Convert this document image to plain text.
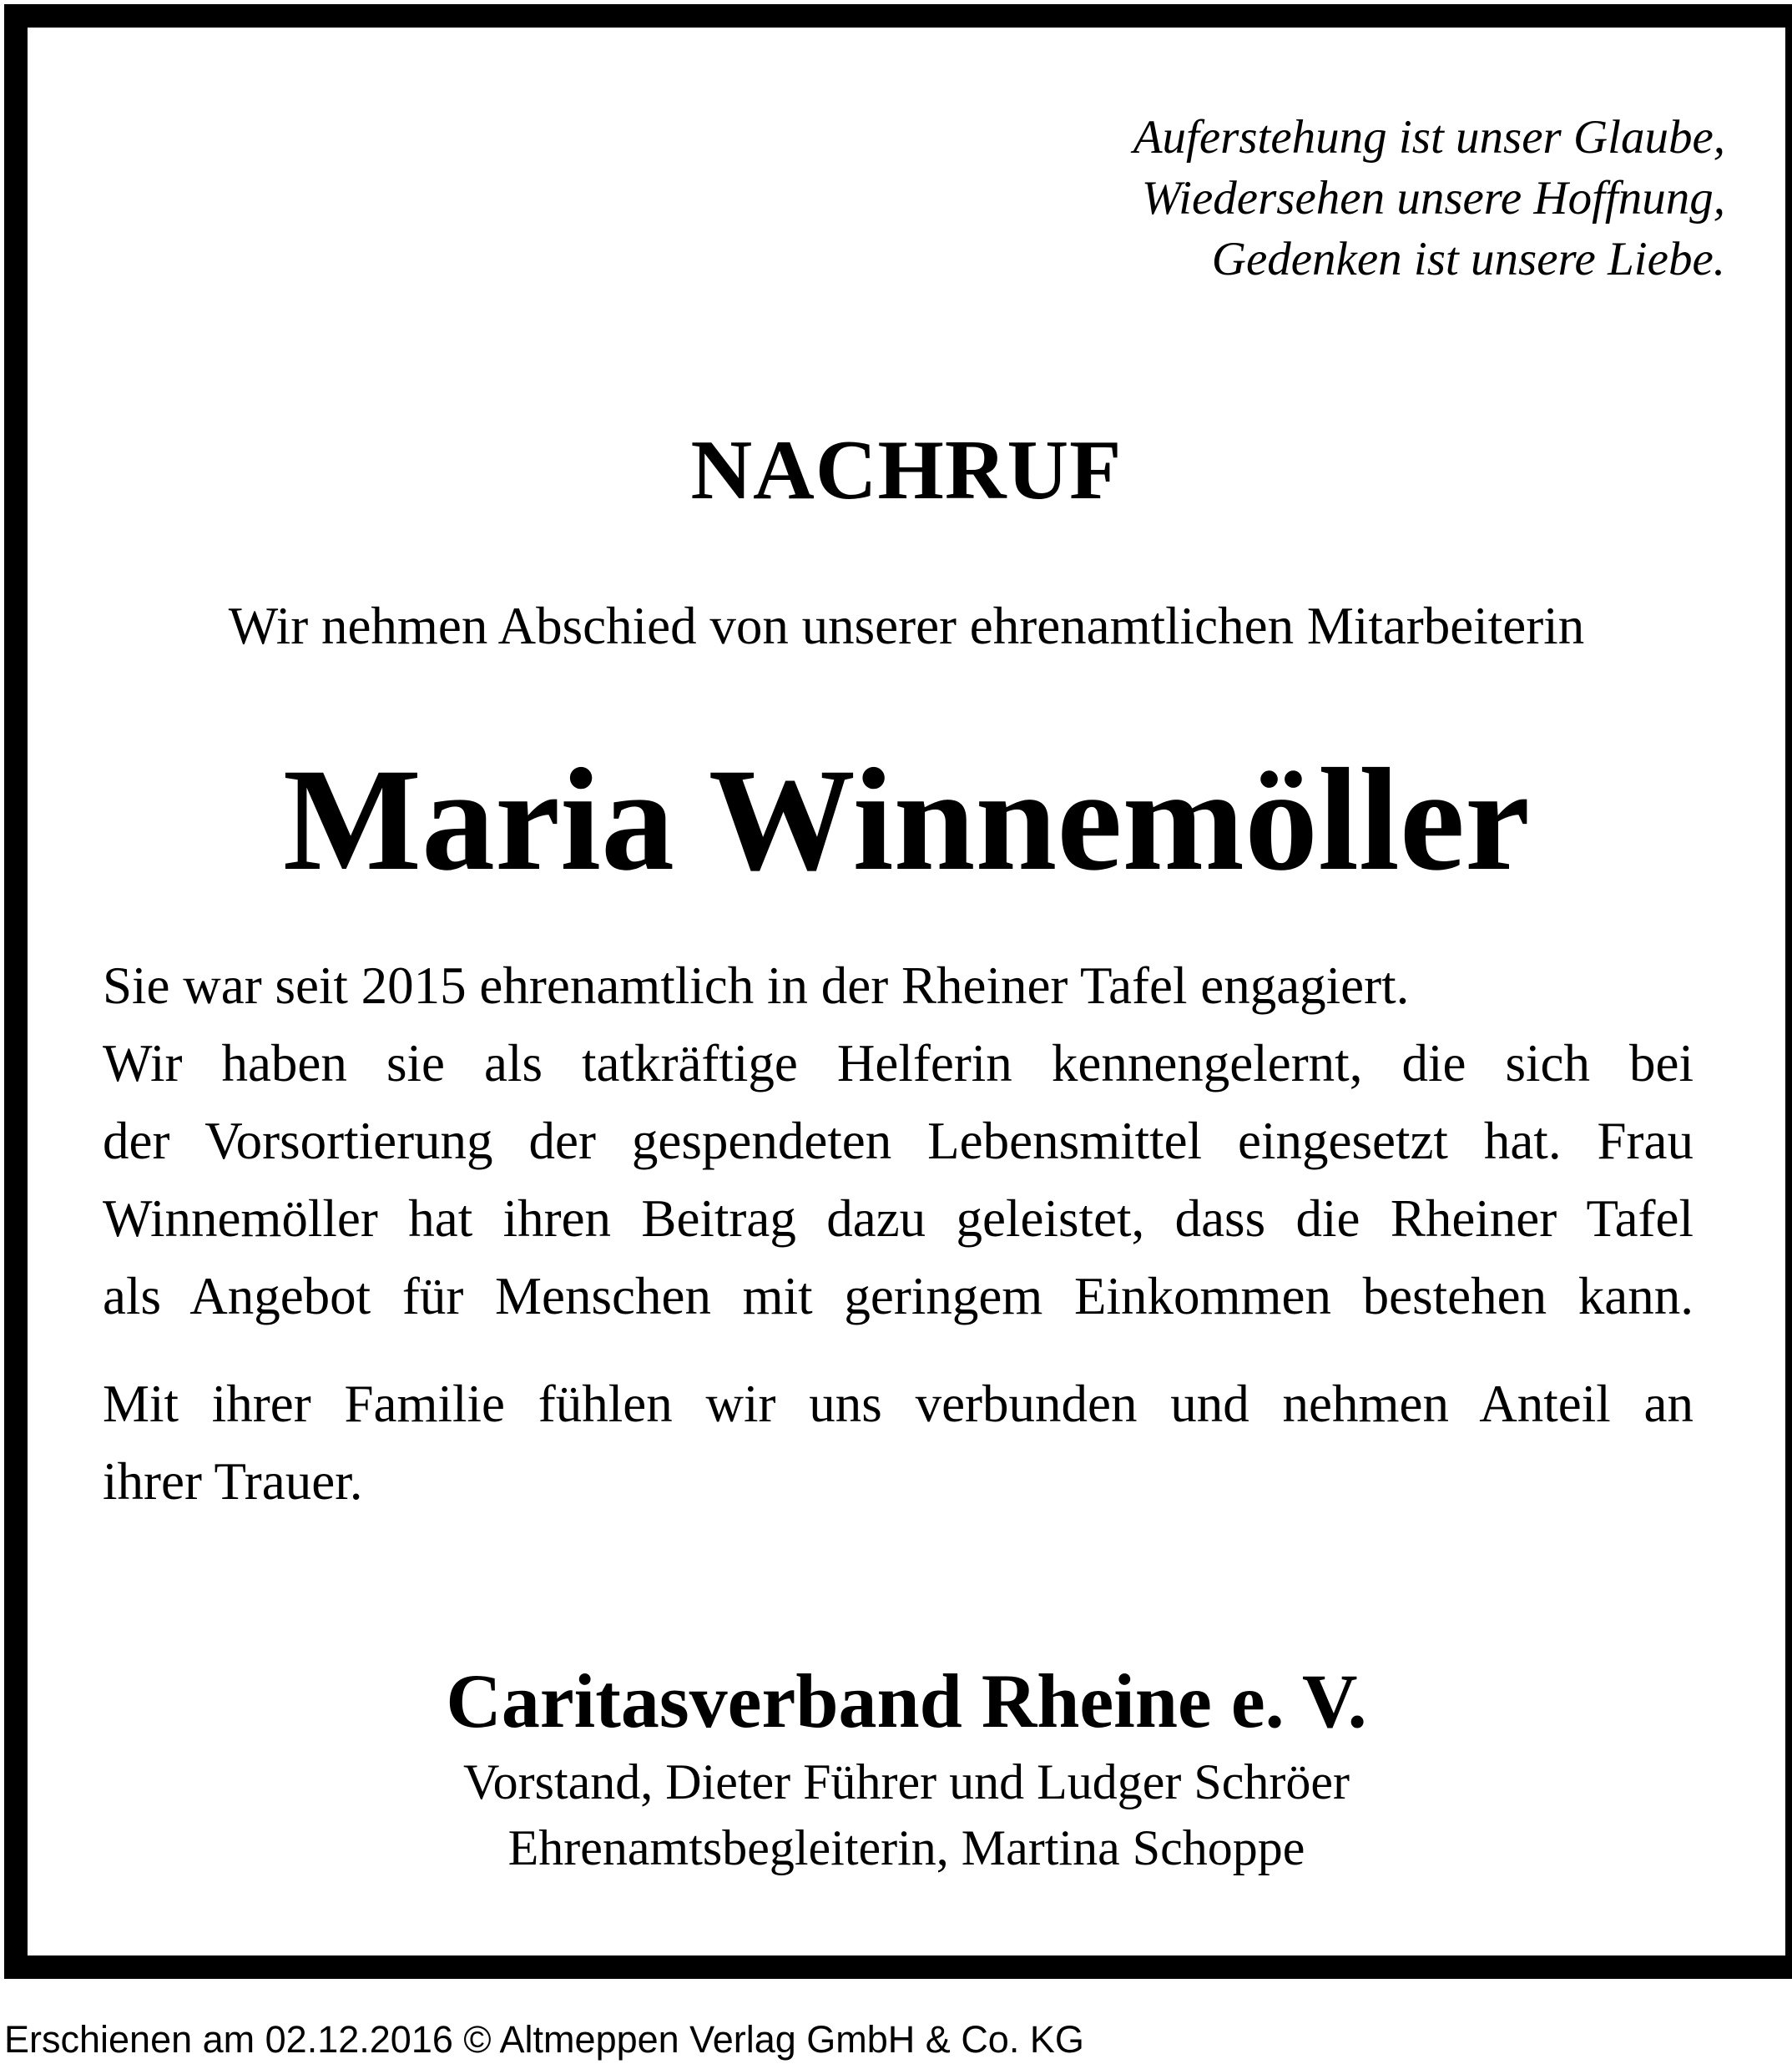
Auferstehung ist unser Glaube,
Wiedersehen unsere Hoffnung,
Gedenken ist unsere Liebe.
NACHRUF
Wir nehmen Abschied von unserer ehrenamtlichen Mitarbeiterin
Maria Winnemöller
Sie war seit 2015 ehrenamtlich in der Rheiner Tafel engagiert.
Wir haben sie als tatkräftige Helferin kennengelernt, die sich bei
der Vorsortierung der gespendeten Lebensmittel eingesetzt hat. Frau
Winnemöller hat ihren Beitrag dazu geleistet, dass die Rheiner Tafel
als Angebot für Menschen mit geringem Einkommen bestehen kann.
Mit ihrer Familie fühlen wir uns verbunden und nehmen Anteil an
ihrer Trauer.
Caritasverband Rheine e. V.
Vorstand, Dieter Führer und Ludger Schröer
Ehrenamtsbegleiterin, Martina Schoppe
Erschienen am 02.12.2016 © Altmeppen Verlag GmbH & Co. KG
